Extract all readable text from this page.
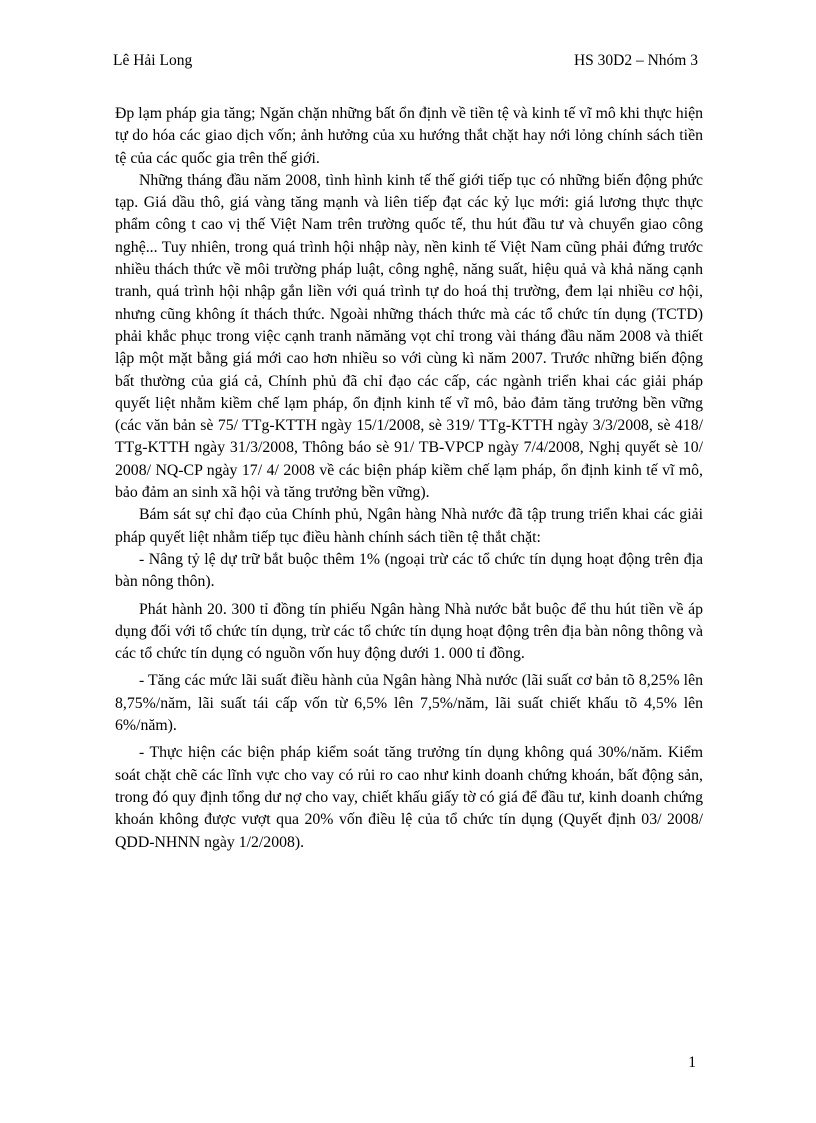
Lê Hải Long	HS 30D2 – Nhóm 3

Đp lạm pháp gia tăng; Ngăn chặn những bất ổn định về tiền tệ và kinh tế vĩ mô khi thực hiện tự do hóa các giao dịch vốn; ảnh hưởng của xu hướng thắt chặt hay nới lỏng chính sách tiền tệ của các quốc gia trên thế giới.

Những tháng đầu năm 2008, tình hình kinh tế thế giới tiếp tục có những biến động phức tạp. Giá dầu thô, giá vàng tăng mạnh và liên tiếp đạt các kỷ lục mới: giá lương thực thực phẩm công t cao vị thế Việt Nam trên trường quốc tế, thu hút đầu tư và chuyển giao công nghệ... Tuy nhiên, trong quá trình hội nhập này, nền kinh tế Việt Nam cũng phải đứng trước nhiều thách thức về môi trường pháp luật, công nghệ, năng suất, hiệu quả và khả năng cạnh tranh, quá trình hội nhập gắn liền với quá trình tự do hoá thị trường, đem lại nhiều cơ hội, nhưng cũng không ít thách thức. Ngoài những thách thức mà các tổ chức tín dụng (TCTD) phải khắc phục trong việc cạnh tranh nămăng vọt chỉ trong vài tháng đầu năm 2008 và thiết lập một mặt bằng giá mới cao hơn nhiều so với cùng kì năm 2007. Trước những biến động bất thường của giá cả, Chính phủ đã chỉ đạo các cấp, các ngành triển khai các giải pháp quyết liệt nhằm kiềm chế lạm pháp, ổn định kinh tế vĩ mô, bảo đảm tăng trưởng bền vững (các văn bản sè 75/ TTg-KTTH ngày 15/1/2008, sè 319/ TTg-KTTH ngày 3/3/2008, sè 418/ TTg-KTTH ngày 31/3/2008, Thông báo sè 91/ TB-VPCP ngày 7/4/2008, Nghị quyết sè 10/ 2008/ NQ-CP ngày 17/ 4/ 2008 về các biện pháp kiềm chế lạm pháp, ổn định kinh tế vĩ mô, bảo đảm an sinh xã hội và tăng trưởng bền vững).

Bám sát sự chỉ đạo của Chính phủ, Ngân hàng Nhà nước đã tập trung triển khai các giải pháp quyết liệt nhằm tiếp tục điều hành chính sách tiền tệ thắt chặt:

- Nâng tỷ lệ dự trữ bắt buộc thêm 1% (ngoại trừ các tổ chức tín dụng hoạt động trên địa bàn nông thôn).

Phát hành 20. 300 tỉ đồng tín phiếu Ngân hàng Nhà nước bắt buộc để thu hút tiền về áp dụng đối với tổ chức tín dụng, trừ các tổ chức tín dụng hoạt động trên địa bàn nông thông và các tổ chức tín dụng có nguồn vốn huy động dưới 1. 000 tỉ đồng.

- Tăng các mức lãi suất điều hành của Ngân hàng Nhà nước (lãi suất cơ bản tõ 8,25% lên 8,75%/năm, lãi suất tái cấp vốn từ 6,5% lên 7,5%/năm, lãi suất chiết khấu tõ 4,5% lên 6%/năm).

- Thực hiện các biện pháp kiểm soát tăng trưởng tín dụng không quá 30%/năm. Kiểm soát chặt chẽ các lĩnh vực cho vay có rủi ro cao như kinh doanh chứng khoán, bất động sản, trong đó quy định tổng dư nợ cho vay, chiết khấu giấy tờ có giá để đầu tư, kinh doanh chứng khoán không được vượt qua 20% vốn điều lệ của tổ chức tín dụng (Quyết định 03/ 2008/ QDD-NHNN ngày 1/2/2008).

1
